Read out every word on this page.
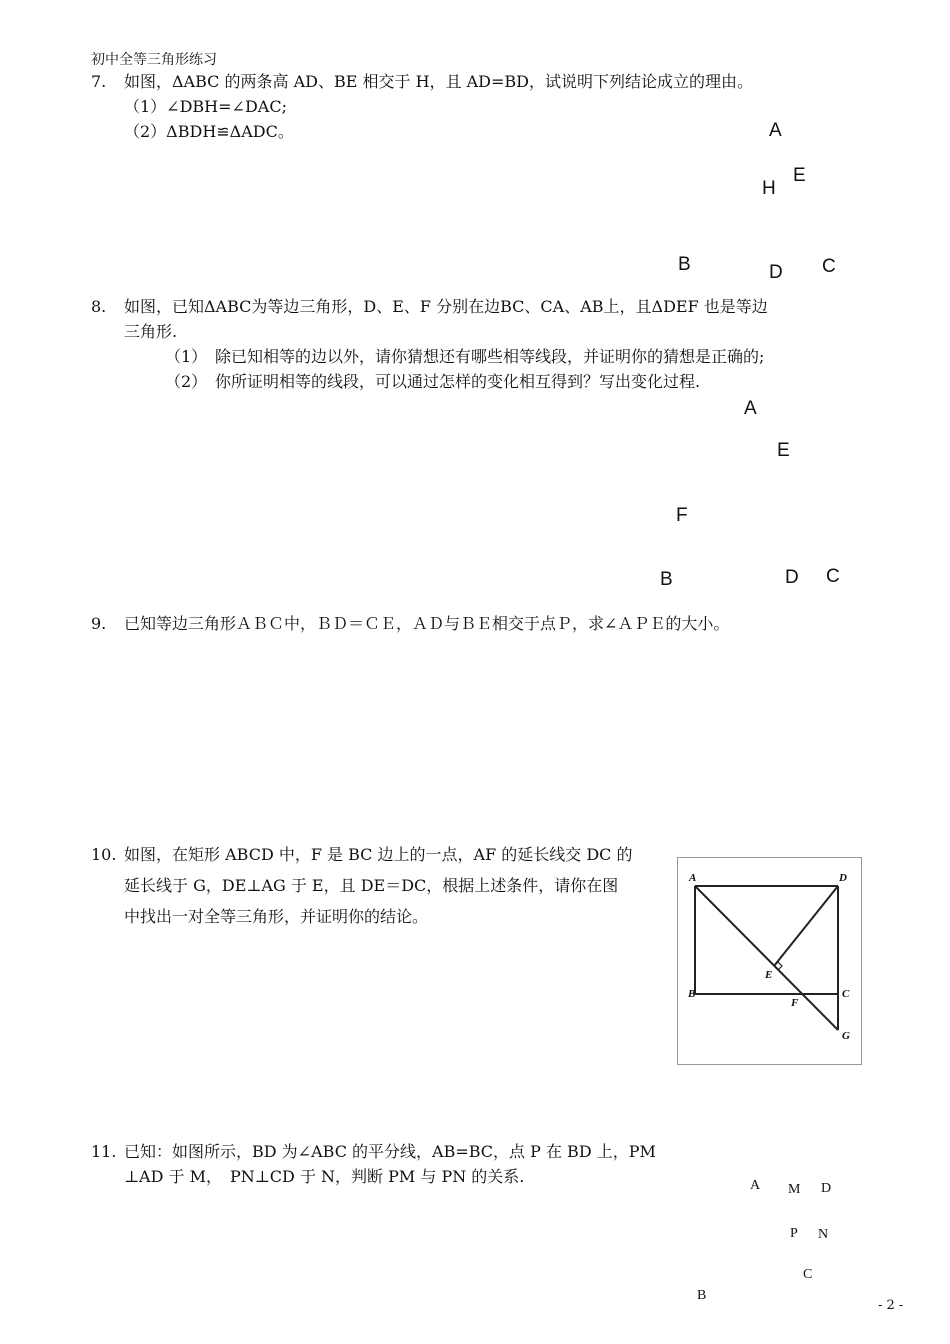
初中全等三角形练习
7. 如图，ΔABC 的两条高 AD、BE 相交于 H，且 AD=BD，试说明下列结论成立的理由。
（1）∠DBH=∠DAC;
（2）ΔBDH≌ΔADC。	A
E
H
B	D C
8. 如图，已知ΔABC为等边三角形，D、E、F 分别在边BC、CA、AB上，且ΔDEF 也是等边
三角形.
（1） 除已知相等的边以外，请你猜想还有哪些相等线段，并证明你的猜想是正确的;
（2） 你所证明相等的线段，可以通过怎样的变化相互得到？写出变化过程.
A
E
F
B	D C
9. 已知等边三角形ＡＢＣ中，ＢＤ＝ＣＥ，ＡＤ与ＢＥ相交于点Ｐ，求∠ＡＰＥ的大小。
10. 如图，在矩形 ABCD 中，F 是 BC 边上的一点，AF 的延长线交 DC 的
延长线于 G，DE⊥AG 于 E，且 DE＝DC，根据上述条件，请你在图
中找出一对全等三角形，并证明你的结论。
A	D
E
B
F
C
G
11. 已知：如图所示，BD 为∠ABC 的平分线，AB=BC，点 P 在 BD 上，PM
⊥AD 于 M，　PN⊥CD 于 N，判断 PM 与 PN 的关系.	A M D
P N
C
B
- 2 -
